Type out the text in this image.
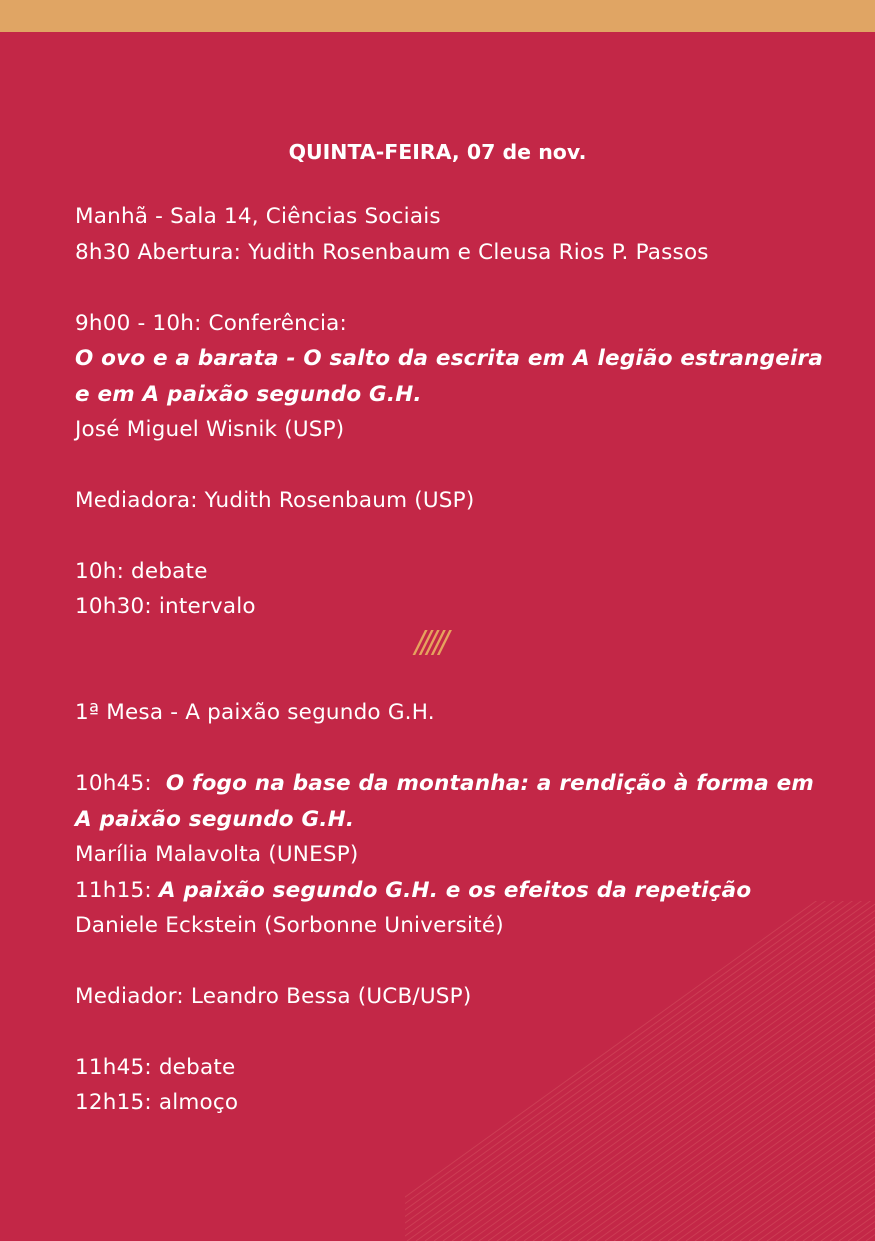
QUINTA-FEIRA, 07 de nov.
Manhã - Sala 14, Ciências Sociais
8h30 Abertura: Yudith Rosenbaum e Cleusa Rios P. Passos
9h00 - 10h: Conferência:
O ovo e a barata - O salto da escrita em A legião estrangeira
e em A paixão segundo G.H.
José Miguel Wisnik (USP)
Mediadora: Yudith Rosenbaum (USP)
10h: debate
10h30: intervalo
/////
1ª Mesa - A paixão segundo G.H.
10h45: O fogo na base da montanha: a rendição à forma em
A paixão segundo G.H.
Marília Malavolta (UNESP)
11h15: A paixão segundo G.H. e os efeitos da repetição
Daniele Eckstein (Sorbonne Université)
Mediador: Leandro Bessa (UCB/USP)
11h45: debate
12h15: almoço
